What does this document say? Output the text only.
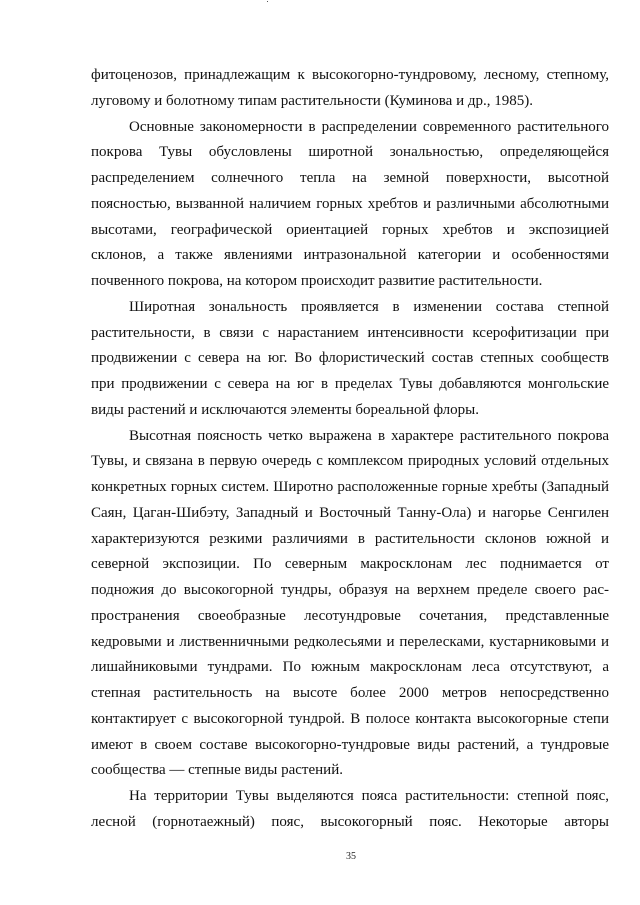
фитоценозов, принадлежащим к высокогорно-тундровому, лесному, степному,
луговому и болотному типам растительности (Куминова и др., 1985).
Основные закономерности в распределении современного растительного
покрова Тувы обусловлены широтной зональностью, определяющейся
распределением солнечного тепла на земной поверхности, высотной
поясностью, вызванной наличием горных хребтов и различными абсолютными
высотами, географической ориентацией горных хребтов и экспозицией
склонов, а также явлениями интразональной категории и особенностями
почвенного покрова, на котором происходит развитие растительности.
Широтная зональность проявляется в изменении состава степной
растительности, в связи с нарастанием интенсивности ксерофитизации при
продвижении с севера на юг. Во флористический состав степных сообществ
при продвижении с севера на юг в пределах Тувы добавляются монгольские
виды растений и исключаются элементы бореальной флоры.
Высотная поясность четко выражена в характере растительного покрова
Тувы, и связана в первую очередь с комплексом природных условий отдельных
конкретных горных систем. Широтно расположенные горные хребты (Западный
Саян, Цаган-Шибэту, Западный и Восточный Танну-Ола) и нагорье Сенгилен
характеризуются резкими различиями в растительности склонов южной и
северной экспозиции. По северным макросклонам лес поднимается от
подножия до высокогорной тундры, образуя на верхнем пределе своего рас-
пространения своеобразные лесотундровые сочетания, представленные
кедровыми и лиственничными редколесьями и перелесками, кустарниковыми и
лишайниковыми тундрами. По южным макросклонам леса отсутствуют, а
степная растительность на высоте более 2000 метров непосредственно
контактирует с высокогорной тундрой. В полосе контакта высокогорные степи
имеют в своем составе высокогорно-тундровые виды растений, а тундровые
сообщества — степные виды растений.
На территории Тувы выделяются пояса растительности: степной пояс,
лесной (горнотаежный) пояс, высокогорный пояс. Некоторые авторы
35
